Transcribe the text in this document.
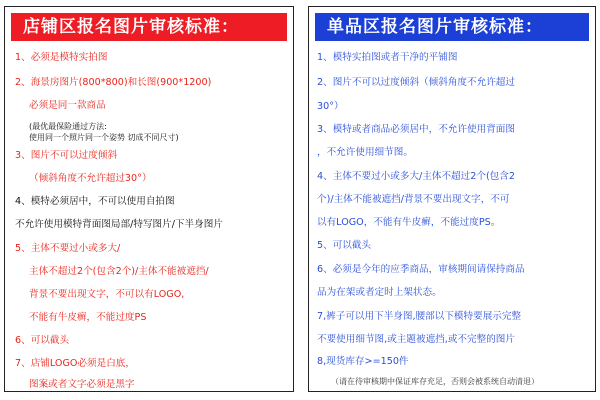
店铺区报名图片审核标准：
1、必须是模特实拍图
2、海景房图片(800*800)和长图(900*1200)
必须是同一款商品
(最优最保险通过方法:
使用同一个照片同一个姿势 切成不同尺寸)
3、图片不可以过度倾斜
（倾斜角度不允许超过30°）
4、模特必须居中，不可以使用自拍图
不允许使用模特背面图局部/特写图片/下半身图片
5、主体不要过小或多大/
主体不超过2个(包含2个)/主体不能被遮挡/
背景不要出现文字，不可以有LOGO,
不能有牛皮癣，不能过度PS
6、可以截头
7、店铺LOGO必须是白底，
图案或者文字必须是黑字
单品区报名图片审核标准：
1、模特实拍图或者干净的平铺图
2、图片不可以过度倾斜（倾斜角度不允许超过
30°）
3、模特或者商品必须居中，不允许使用背面图
，不允许使用细节图。
4、主体不要过小或多大/主体不超过2个(包含2
个)/主体不能被遮挡/背景不要出现文字，不可
以有LOGO，不能有牛皮癣，不能过度PS。
5、可以截头
6、必须是今年的应季商品，审核期间请保持商品
品为在架或者定时上架状态。
7,裤子可以用下半身图,腰部以下模特要展示完整
不要使用细节图,或主题被遮挡,或不完整的图片
8,现货库存>=150件
（请在待审核期中保证库存充足，否则会被系统自动清退）
